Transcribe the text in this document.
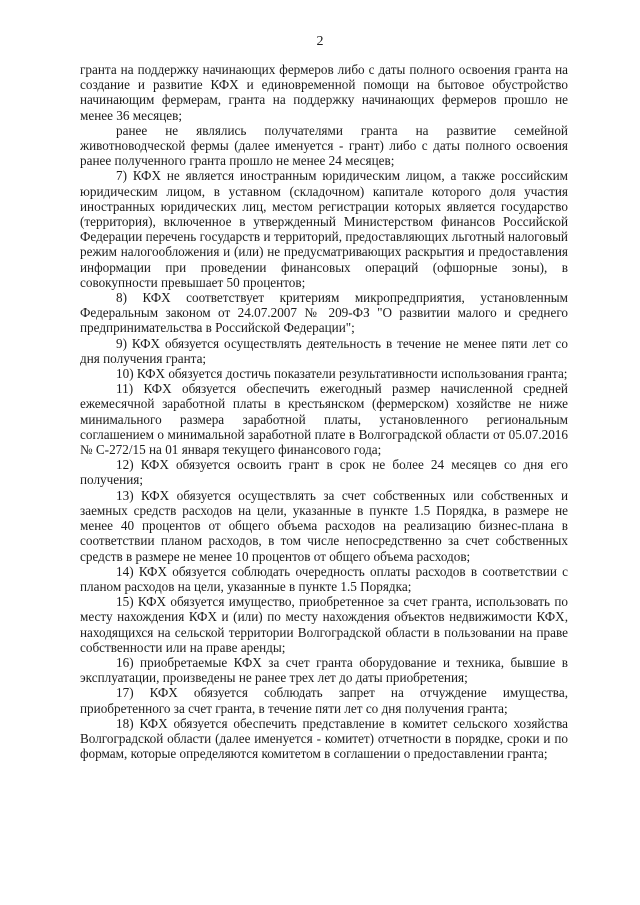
2

гранта на поддержку начинающих фермеров либо с даты полного освоения гранта на создание и развитие КФХ и единовременной помощи на бытовое обустройство начинающим фермерам, гранта на поддержку начинающих фермеров прошло не менее 36 месяцев;

ранее не являлись получателями гранта на развитие семейной животноводческой фермы (далее именуется - грант) либо с даты полного освоения ранее полученного гранта прошло не менее 24 месяцев;

7) КФХ не является иностранным юридическим лицом, а также российским юридическим лицом, в уставном (складочном) капитале которого доля участия иностранных юридических лиц, местом регистрации которых является государство (территория), включенное в утвержденный Министерством финансов Российской Федерации перечень государств и территорий, предоставляющих льготный налоговый режим налогообложения и (или) не предусматривающих раскрытия и предоставления информации при проведении финансовых операций (офшорные зоны), в совокупности превышает 50 процентов;

8) КФХ соответствует критериям микропредприятия, установленным Федеральным законом от 24.07.2007 № 209-ФЗ "О развитии малого и среднего предпринимательства в Российской Федерации";

9) КФХ обязуется осуществлять деятельность в течение не менее пяти лет со дня получения гранта;

10) КФХ обязуется достичь показатели результативности использования гранта;

11) КФХ обязуется обеспечить ежегодный размер начисленной средней ежемесячной заработной платы в крестьянском (фермерском) хозяйстве не ниже минимального размера заработной платы, установленного региональным соглашением о минимальной заработной плате в Волгоградской области от 05.07.2016 № С-272/15 на 01 января текущего финансового года;

12) КФХ обязуется освоить грант в срок не более 24 месяцев со дня его получения;

13) КФХ обязуется осуществлять за счет собственных или собственных и заемных средств расходов на цели, указанные в пункте 1.5 Порядка, в размере не менее 40 процентов от общего объема расходов на реализацию бизнес-плана в соответствии планом расходов, в том числе непосредственно за счет собственных средств в размере не менее 10 процентов от общего объема расходов;

14) КФХ обязуется соблюдать очередность оплаты расходов в соответствии с планом расходов на цели, указанные в пункте 1.5 Порядка;

15) КФХ обязуется имущество, приобретенное за счет гранта, использовать по месту нахождения КФХ и (или) по месту нахождения объектов недвижимости КФХ, находящихся на сельской территории Волгоградской области в пользовании на праве собственности или на праве аренды;

16) приобретаемые КФХ за счет гранта оборудование и техника, бывшие в эксплуатации, произведены не ранее трех лет до даты приобретения;

17) КФХ обязуется соблюдать запрет на отчуждение имущества, приобретенного за счет гранта, в течение пяти лет со дня получения гранта;

18) КФХ обязуется обеспечить представление в комитет сельского хозяйства Волгоградской области (далее именуется - комитет) отчетности в порядке, сроки и по формам, которые определяются комитетом в соглашении о предоставлении гранта;
